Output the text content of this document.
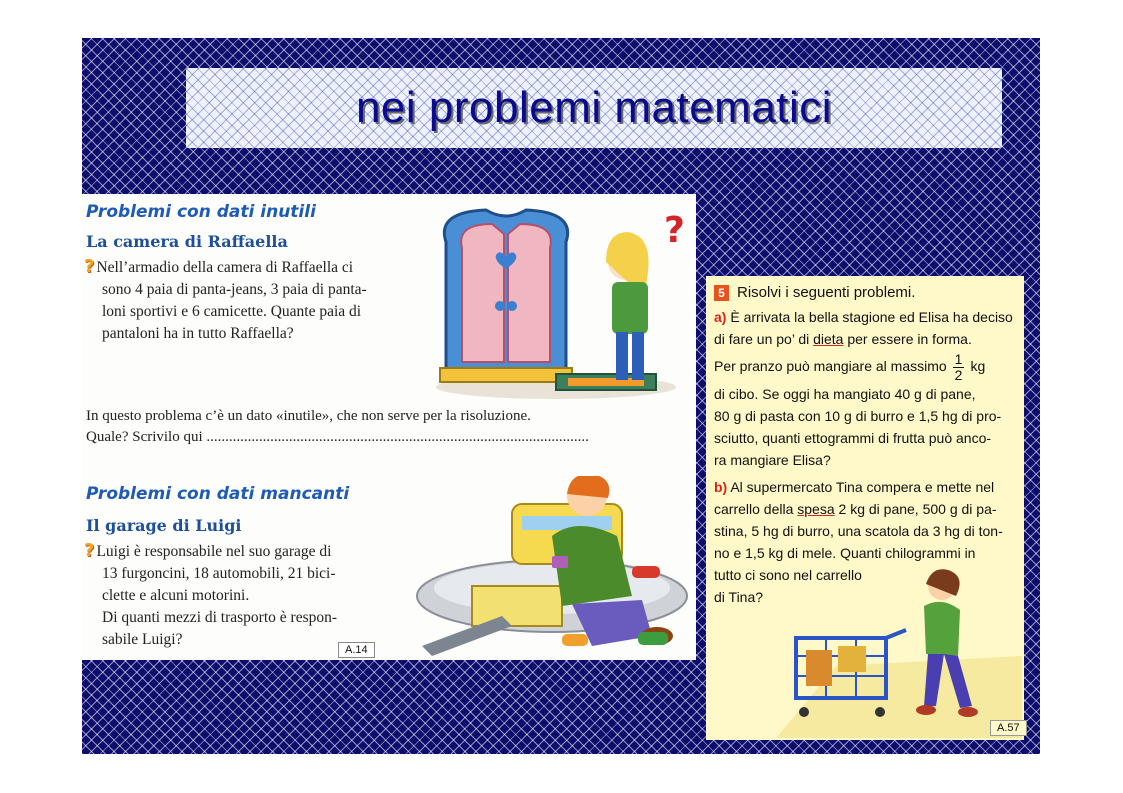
nei problemi matematici
Problemi con dati inutili
La camera di Raffaella
? Nell’armadio della camera di Raffaella ci
sono 4 paia di panta-jeans, 3 paia di panta-
loni sportivi e 6 camicette. Quante paia di
pantaloni ha in tutto Raffaella?
?
In questo problema c’è un dato «inutile», che non serve per la risoluzione.
Quale? Scrivilo qui ......................................................................................................
Problemi con dati mancanti
Il garage di Luigi
? Luigi è responsabile nel suo garage di
13 furgoncini, 18 automobili, 21 bici-
clette e alcuni motorini.
Di quanti mezzi di trasporto è respon-
sabile Luigi?
A.14
5 Risolvi i seguenti problemi.
a) È arrivata la bella stagione ed Elisa ha deciso
di fare un po’ di dieta per essere in forma.
Per pranzo può mangiare al massimo $\frac{1}{2}$ kg
di cibo. Se oggi ha mangiato 40 g di pane,
80 g di pasta con 10 g di burro e 1,5 hg di pro-
sciutto, quanti ettogrammi di frutta può anco-
ra mangiare Elisa?
b) Al supermercato Tina compera e mette nel
carrello della spesa 2 kg di pane, 500 g di pa-
stina, 5 hg di burro, una scatola da 3 hg di ton-
no e 1,5 kg di mele. Quanti chilogrammi in
tutto ci sono nel carrello
di Tina?
A.57
